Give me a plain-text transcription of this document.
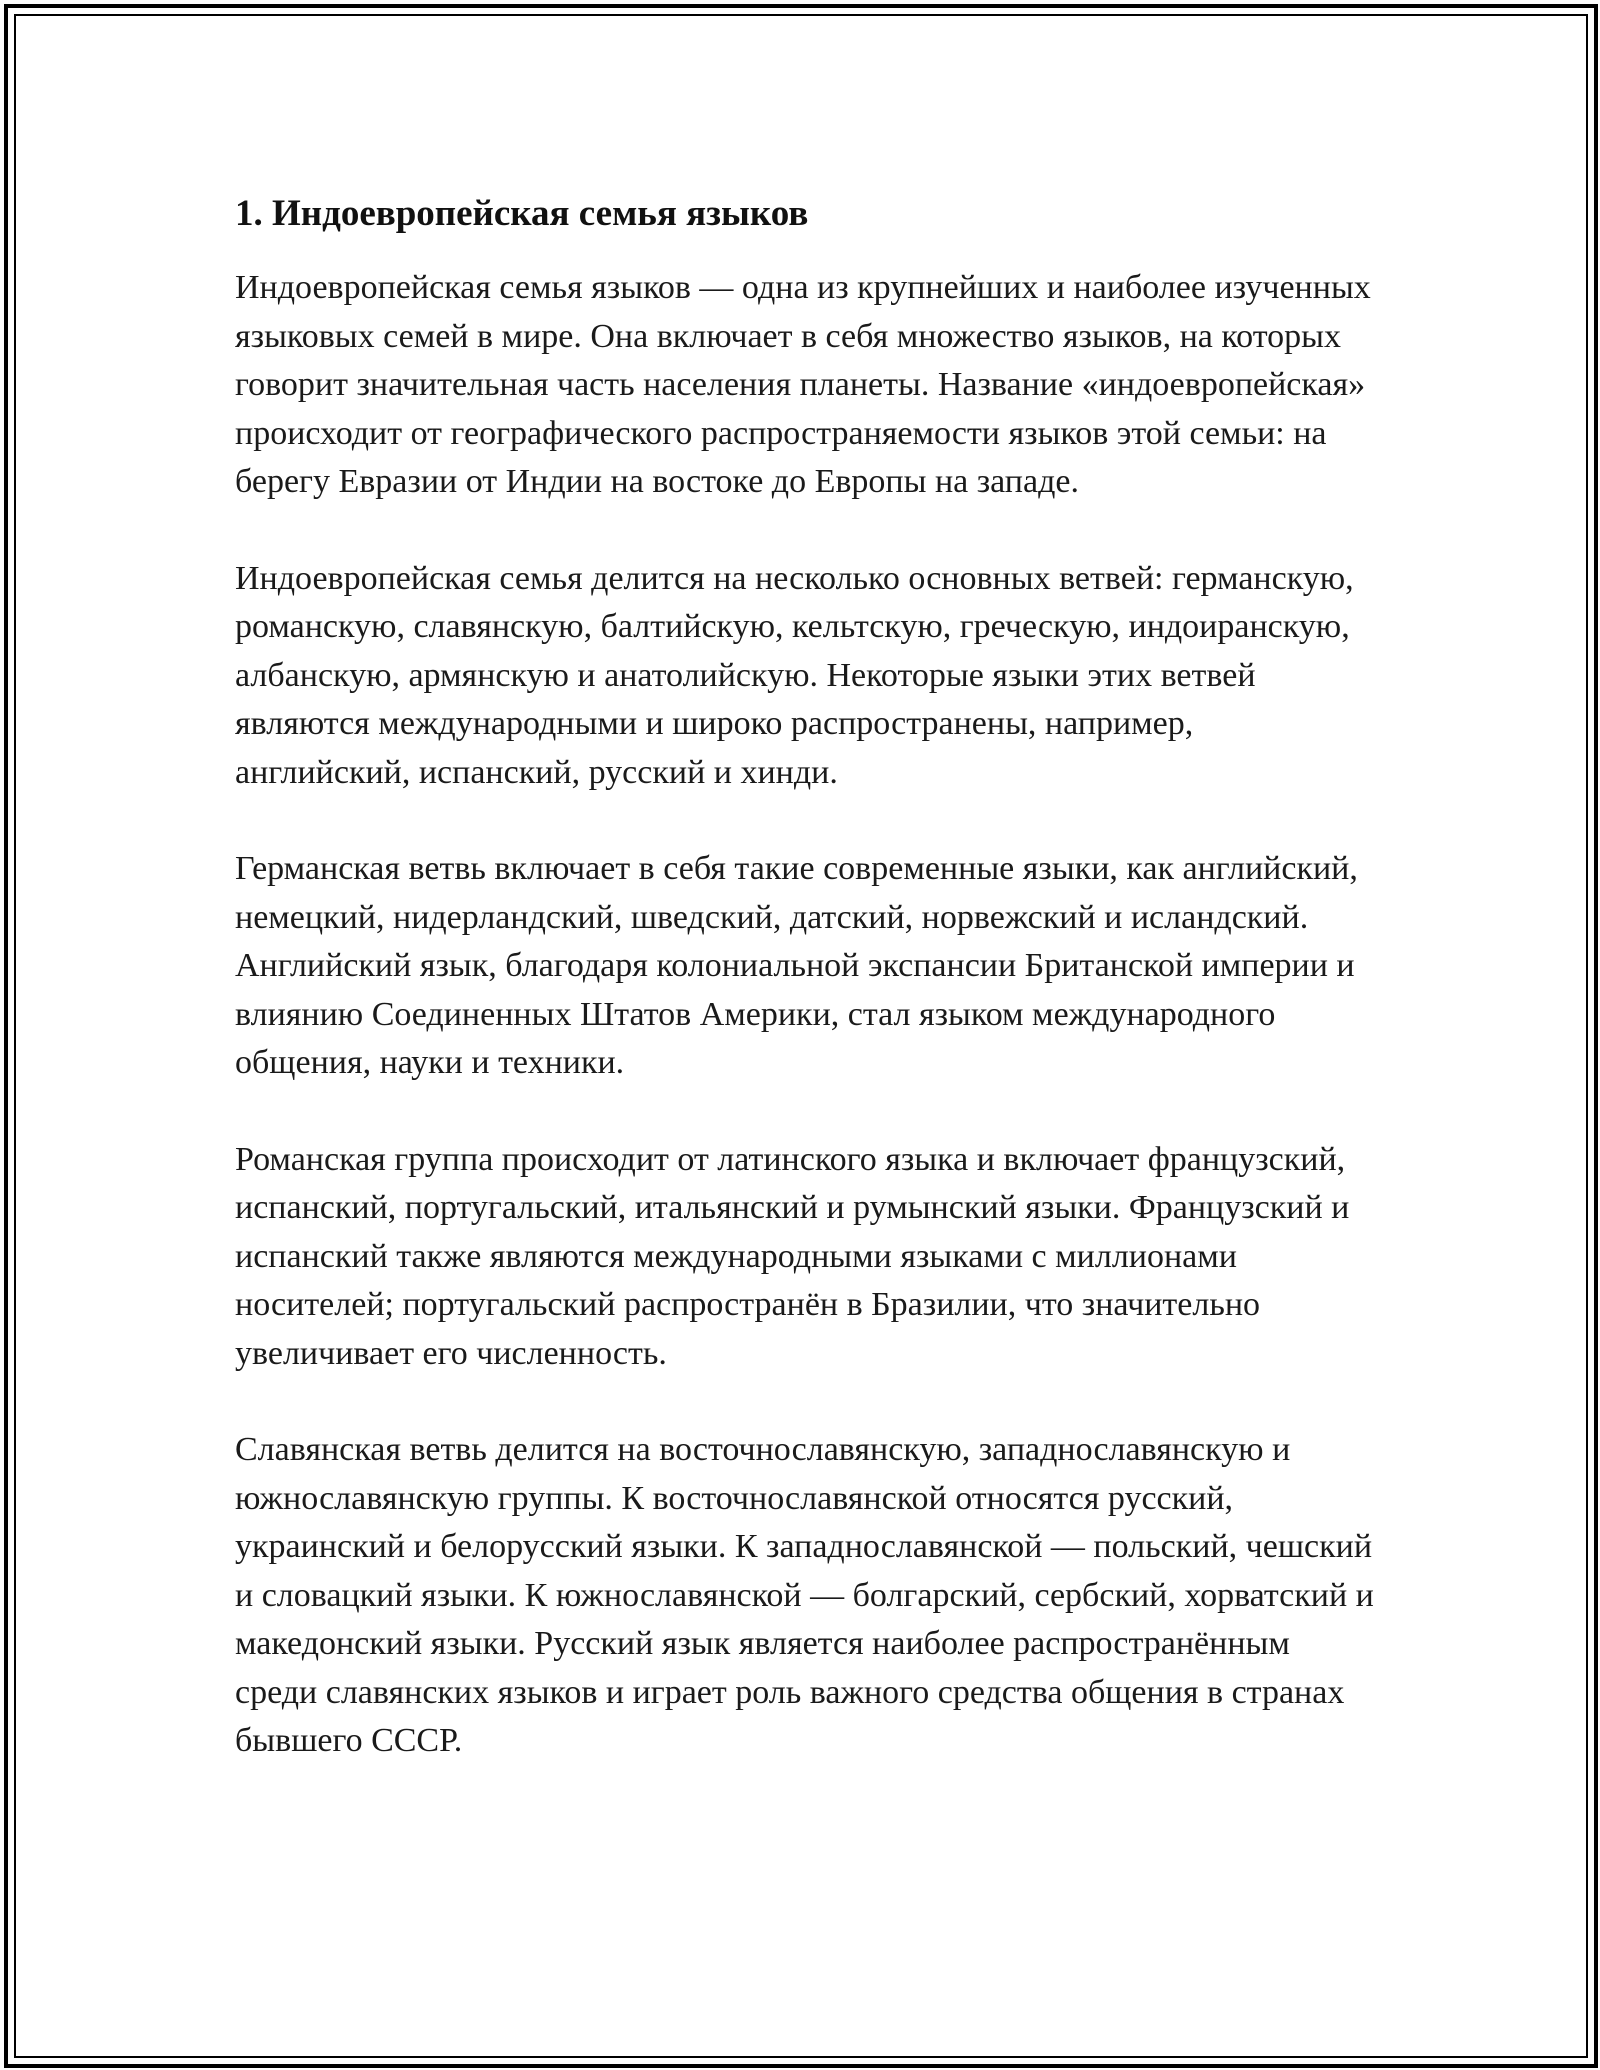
1. Индоевропейская семья языков

Индоевропейская семья языков — одна из крупнейших и наиболее изученных языковых семей в мире. Она включает в себя множество языков, на которых говорит значительная часть населения планеты. Название «индоевропейская» происходит от географического распространяемости языков этой семьи: на берегу Евразии от Индии на востоке до Европы на западе.

Индоевропейская семья делится на несколько основных ветвей: германскую, романскую, славянскую, балтийскую, кельтскую, греческую, индоиранскую, албанскую, армянскую и анатолийскую. Некоторые языки этих ветвей являются международными и широко распространены, например, английский, испанский, русский и хинди.

Германская ветвь включает в себя такие современные языки, как английский, немецкий, нидерландский, шведский, датский, норвежский и исландский. Английский язык, благодаря колониальной экспансии Британской империи и влиянию Соединенных Штатов Америки, стал языком международного общения, науки и техники.

Романская группа происходит от латинского языка и включает французский, испанский, португальский, итальянский и румынский языки. Французский и испанский также являются международными языками с миллионами носителей; португальский распространён в Бразилии, что значительно увеличивает его численность.

Славянская ветвь делится на восточнославянскую, западнославянскую и южнославянскую группы. К восточнославянской относятся русский, украинский и белорусский языки. К западнославянской — польский, чешский и словацкий языки. К южнославянской — болгарский, сербский, хорватский и македонский языки. Русский язык является наиболее распространённым среди славянских языков и играет роль важного средства общения в странах бывшего СССР.
